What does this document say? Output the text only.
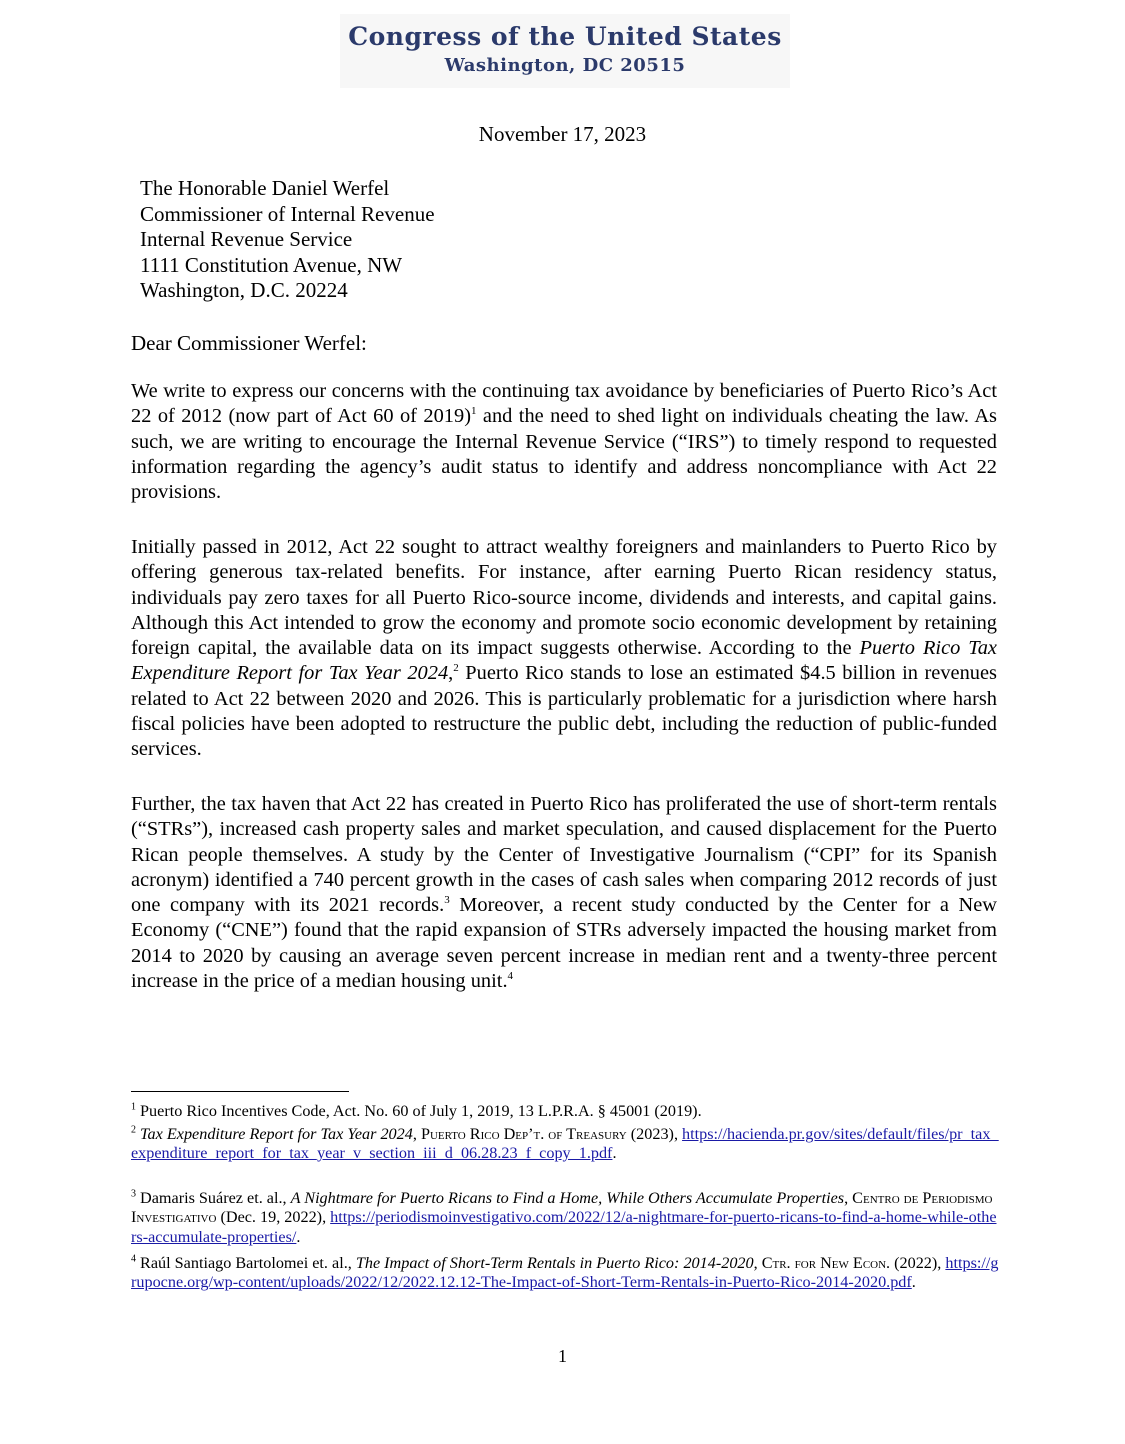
Congress of the United States
Washington, DC 20515
November 17, 2023
The Honorable Daniel Werfel
Commissioner of Internal Revenue
Internal Revenue Service
1111 Constitution Avenue, NW
Washington, D.C. 20224
Dear Commissioner Werfel:

We write to express our concerns with the continuing tax avoidance by beneficiaries of Puerto Rico’s Act 22 of 2012 (now part of Act 60 of 2019)$^1$ and the need to shed light on individuals cheating the law. As such, we are writing to encourage the Internal Revenue Service (“IRS”) to timely respond to requested information regarding the agency’s audit status to identify and address noncompliance with Act 22 provisions.

Initially passed in 2012, Act 22 sought to attract wealthy foreigners and mainlanders to Puerto Rico by offering generous tax-related benefits. For instance, after earning Puerto Rican residency status, individuals pay zero taxes for all Puerto Rico-source income, dividends and interests, and capital gains. Although this Act intended to grow the economy and promote socio economic development by retaining foreign capital, the available data on its impact suggests otherwise. According to the Puerto Rico Tax Expenditure Report for Tax Year 2024,$^2$ Puerto Rico stands to lose an estimated $4.5 billion in revenues related to Act 22 between 2020 and 2026. This is particularly problematic for a jurisdiction where harsh fiscal policies have been adopted to restructure the public debt, including the reduction of public-funded services.

Further, the tax haven that Act 22 has created in Puerto Rico has proliferated the use of short-term rentals (“STRs”), increased cash property sales and market speculation, and caused displacement for the Puerto Rican people themselves. A study by the Center of Investigative Journalism (“CPI” for its Spanish acronym) identified a 740 percent growth in the cases of cash sales when comparing 2012 records of just one company with its 2021 records.$^3$ Moreover, a recent study conducted by the Center for a New Economy (“CNE”) found that the rapid expansion of STRs adversely impacted the housing market from 2014 to 2020 by causing an average seven percent increase in median rent and a twenty-three percent increase in the price of a median housing unit.$^4$

$^1$ Puerto Rico Incentives Code, Act. No. 60 of July 1, 2019, 13 L.P.R.A. § 45001 (2019).

$^2$ Tax Expenditure Report for Tax Year 2024, Puerto Rico Dep’t. of Treasury (2023), https://hacienda.pr.gov/sites/default/files/pr_tax_expenditure_report_for_tax_year_v_section_iii_d_06.28.23_f_copy_1.pdf.

$^3$ Damaris Suárez et. al., A Nightmare for Puerto Ricans to Find a Home, While Others Accumulate Properties, Centro de Periodismo Investigativo (Dec. 19, 2022), https://periodismoinvestigativo.com/2022/12/a-nightmare-for-puerto-ricans-to-find-a-home-while-others-accumulate-properties/.

$^4$ Raúl Santiago Bartolomei et. al., The Impact of Short-Term Rentals in Puerto Rico: 2014-2020, Ctr. for New Econ. (2022), https://grupocne.org/wp-content/uploads/2022/12/2022.12.12-The-Impact-of-Short-Term-Rentals-in-Puerto-Rico-2014-2020.pdf.

1
